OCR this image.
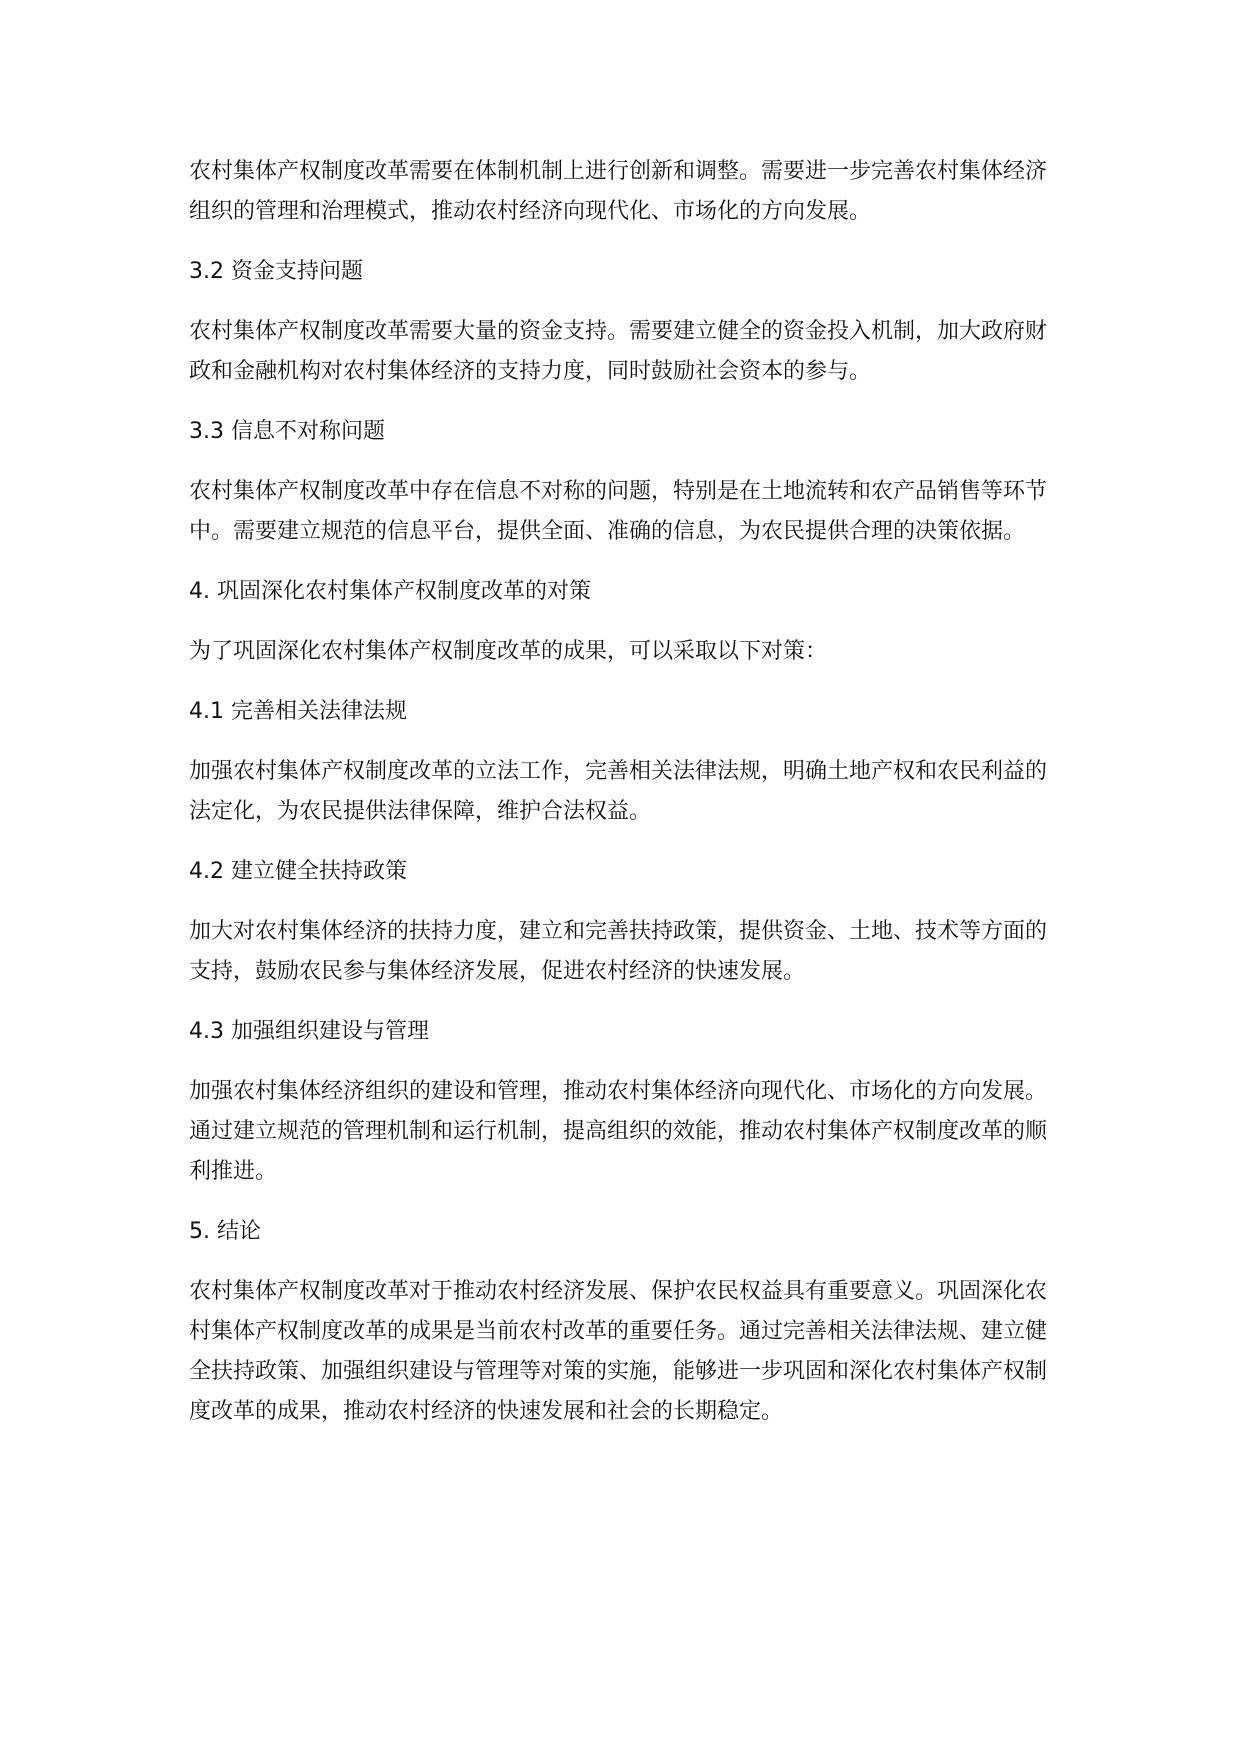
农村集体产权制度改革需要在体制机制上进行创新和调整。需要进一步完善农村集体经济组织的管理和治理模式，推动农村经济向现代化、市场化的方向发展。

3.2 资金支持问题

农村集体产权制度改革需要大量的资金支持。需要建立健全的资金投入机制，加大政府财政和金融机构对农村集体经济的支持力度，同时鼓励社会资本的参与。

3.3 信息不对称问题

农村集体产权制度改革中存在信息不对称的问题，特别是在土地流转和农产品销售等环节中。需要建立规范的信息平台，提供全面、准确的信息，为农民提供合理的决策依据。

4. 巩固深化农村集体产权制度改革的对策

为了巩固深化农村集体产权制度改革的成果，可以采取以下对策：

4.1 完善相关法律法规

加强农村集体产权制度改革的立法工作，完善相关法律法规，明确土地产权和农民利益的法定化，为农民提供法律保障，维护合法权益。

4.2 建立健全扶持政策

加大对农村集体经济的扶持力度，建立和完善扶持政策，提供资金、土地、技术等方面的支持，鼓励农民参与集体经济发展，促进农村经济的快速发展。

4.3 加强组织建设与管理

加强农村集体经济组织的建设和管理，推动农村集体经济向现代化、市场化的方向发展。通过建立规范的管理机制和运行机制，提高组织的效能，推动农村集体产权制度改革的顺利推进。

5. 结论

农村集体产权制度改革对于推动农村经济发展、保护农民权益具有重要意义。巩固深化农村集体产权制度改革的成果是当前农村改革的重要任务。通过完善相关法律法规、建立健全扶持政策、加强组织建设与管理等对策的实施，能够进一步巩固和深化农村集体产权制度改革的成果，推动农村经济的快速发展和社会的长期稳定。
